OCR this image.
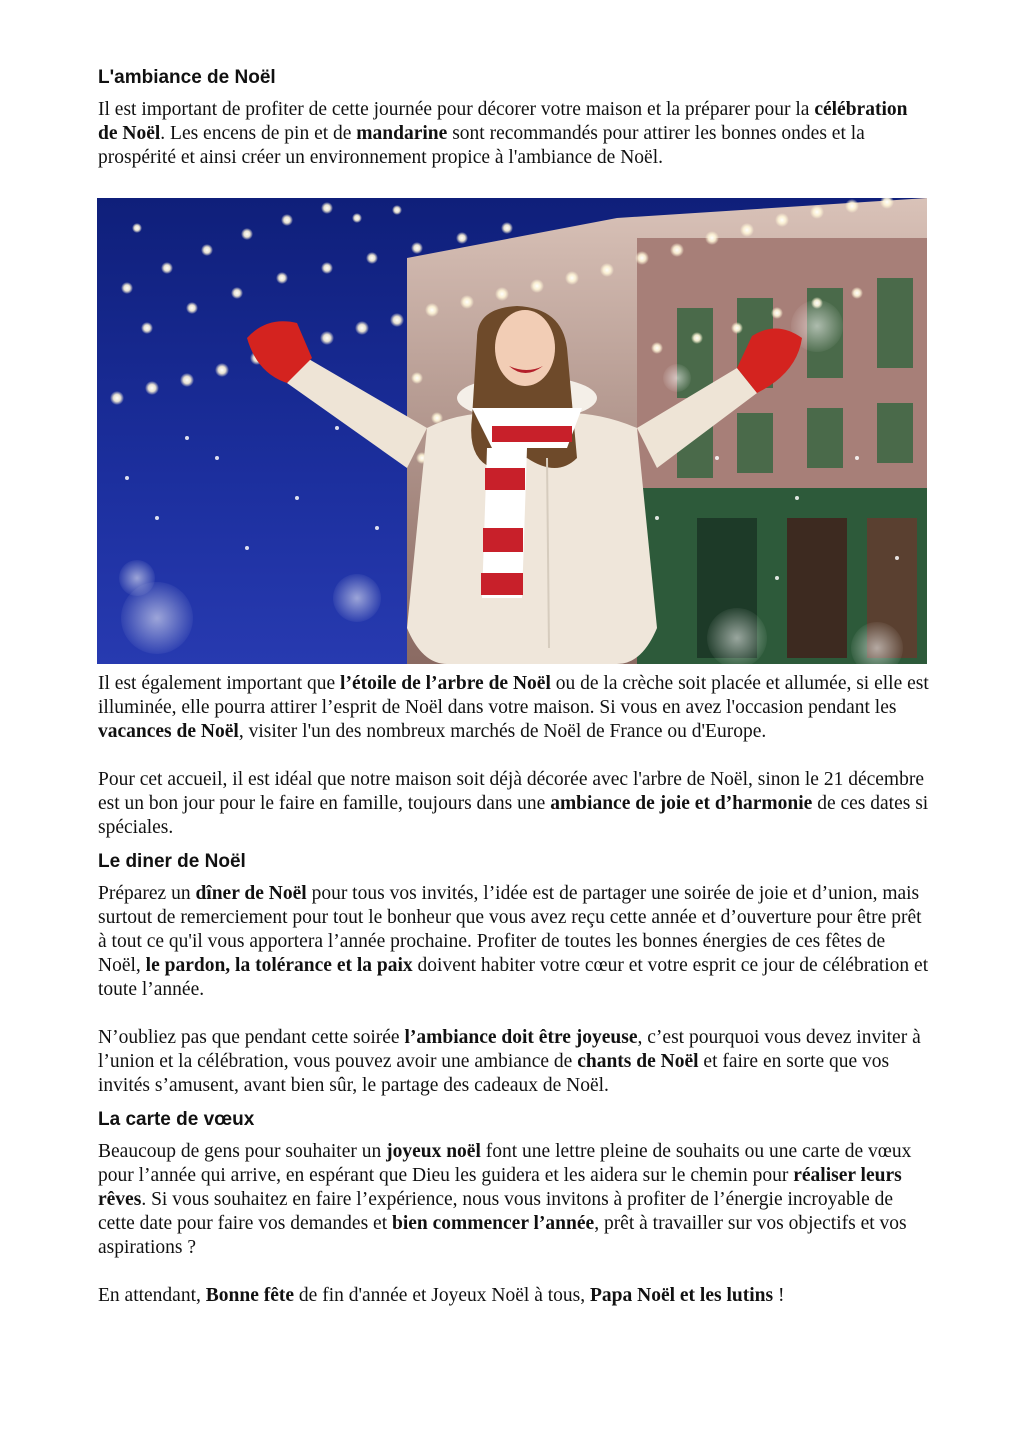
L'ambiance de Noël

Il est important de profiter de cette journée pour décorer votre maison et la préparer pour la célébration de Noël. Les encens de pin et de mandarine sont recommandés pour attirer les bonnes ondes et la prospérité et ainsi créer un environnement propice à l'ambiance de Noël.

Il est également important que l’étoile de l’arbre de Noël ou de la crèche soit placée et allumée, si elle est illuminée, elle pourra attirer l’esprit de Noël dans votre maison. Si vous en avez l'occasion pendant les vacances de Noël, visiter l'un des nombreux marchés de Noël de France ou d'Europe.

Pour cet accueil, il est idéal que notre maison soit déjà décorée avec l'arbre de Noël, sinon le 21 décembre est un bon jour pour le faire en famille, toujours dans une ambiance de joie et d’harmonie de ces dates si spéciales.

Le diner de Noël

Préparez un dîner de Noël pour tous vos invités, l’idée est de partager une soirée de joie et d’union, mais surtout de remerciement pour tout le bonheur que vous avez reçu cette année et d’ouverture pour être prêt à tout ce qu'il vous apportera l’année prochaine. Profiter de toutes les bonnes énergies de ces fêtes de Noël, le pardon, la tolérance et la paix doivent habiter votre cœur et votre esprit ce jour de célébration et toute l’année.

N’oubliez pas que pendant cette soirée l’ambiance doit être joyeuse, c’est pourquoi vous devez inviter à l’union et la célébration, vous pouvez avoir une ambiance de chants de Noël et faire en sorte que vos invités s’amusent, avant bien sûr, le partage des cadeaux de Noël.

La carte de vœux

Beaucoup de gens pour souhaiter un joyeux noël font une lettre pleine de souhaits ou une carte de vœux pour l’année qui arrive, en espérant que Dieu les guidera et les aidera sur le chemin pour réaliser leurs rêves. Si vous souhaitez en faire l’expérience, nous vous invitons à profiter de l’énergie incroyable de cette date pour faire vos demandes et bien commencer l’année, prêt à travailler sur vos objectifs et vos aspirations ?

En attendant, Bonne fête de fin d'année et Joyeux Noël à tous, Papa Noël et les lutins !
